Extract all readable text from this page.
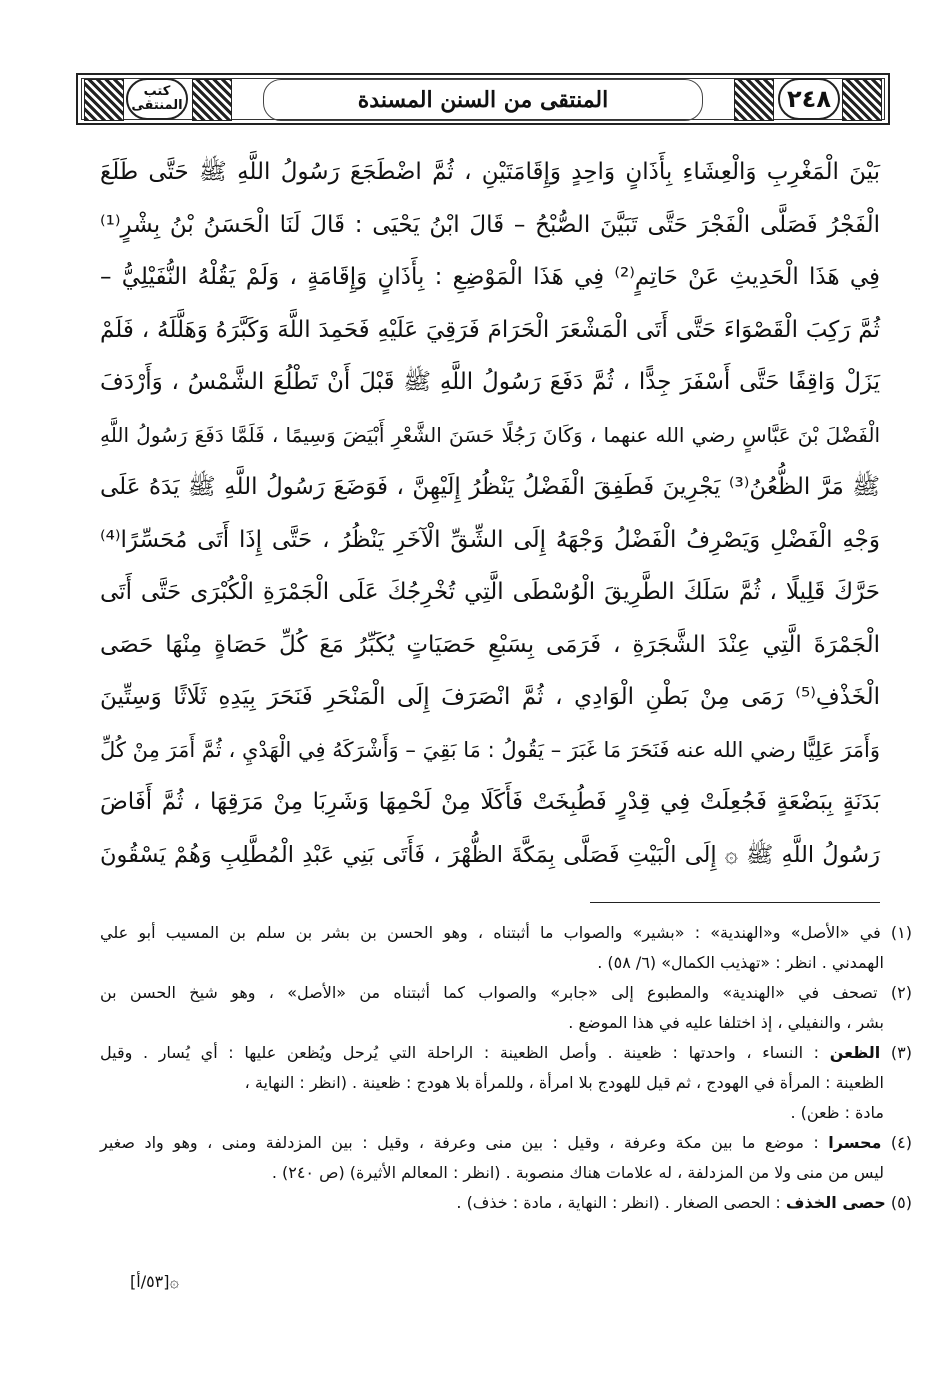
٢٤٨
المنتقى من السنن المسندة
كتب المنتقى
بَيْنَ الْمَغْرِبِ وَالْعِشَاءِ بِأَذَانٍ وَاحِدٍ وَإِقَامَتَيْنِ ، ثُمَّ اضْطَجَعَ رَسُولُ اللَّهِ ﷺ حَتَّى طَلَعَ
الْفَجْرُ فَصَلَّى الْفَجْرَ حَتَّى تَبَيَّنَ الصُّبْحُ – قَالَ ابْنُ يَحْيَى : قَالَ لَنَا الْحَسَنُ بْنُ بِشْرٍ⁽¹⁾
فِي هَذَا الْحَدِيثِ عَنْ حَاتِمٍ⁽²⁾ فِي هَذَا الْمَوْضِعِ : بِأَذَانٍ وَإِقَامَةٍ ، وَلَمْ يَقُلْهُ النُّفَيْلِيُّ –
ثُمَّ رَكِبَ الْقَصْوَاءَ حَتَّى أَتَى الْمَشْعَرَ الْحَرَامَ فَرَقِيَ عَلَيْهِ فَحَمِدَ اللَّهَ وَكَبَّرَهُ وَهَلَّلَهُ ، فَلَمْ
يَزَلْ وَاقِفًا حَتَّى أَسْفَرَ جِدًّا ، ثُمَّ دَفَعَ رَسُولُ اللَّهِ ﷺ قَبْلَ أَنْ تَطْلُعَ الشَّمْسُ ، وَأَرْدَفَ
الْفَضْلَ بْنَ عَبَّاسٍ رضي الله عنهما ، وَكَانَ رَجُلًا حَسَنَ الشَّعْرِ أَبْيَضَ وَسِيمًا ، فَلَمَّا دَفَعَ رَسُولُ اللَّهِ
ﷺ مَرَّ الظُّعُنُ⁽³⁾ يَجْرِينَ فَطَفِقَ الْفَضْلُ يَنْظُرُ إِلَيْهِنَّ ، فَوَضَعَ رَسُولُ اللَّهِ ﷺ يَدَهُ عَلَى
وَجْهِ الْفَضْلِ وَيَصْرِفُ الْفَضْلُ وَجْهَهُ إِلَى الشِّقِّ الْآخَرِ يَنْظُرُ ، حَتَّى إِذَا أَتَى مُحَسِّرًا⁽⁴⁾
حَرَّكَ قَلِيلًا ، ثُمَّ سَلَكَ الطَّرِيقَ الْوُسْطَى الَّتِي تُخْرِجُكَ عَلَى الْجَمْرَةِ الْكُبْرَى حَتَّى أَتَى
الْجَمْرَةَ الَّتِي عِنْدَ الشَّجَرَةِ ، فَرَمَى بِسَبْعِ حَصَيَاتٍ يُكَبِّرُ مَعَ كُلِّ حَصَاةٍ مِنْهَا حَصَى
الْخَذْفِ⁽⁵⁾ رَمَى مِنْ بَطْنِ الْوَادِي ، ثُمَّ انْصَرَفَ إِلَى الْمَنْحَرِ فَنَحَرَ بِيَدِهِ ثَلَاثًا وَسِتِّينَ
وَأَمَرَ عَلِيًّا رضي الله عنه فَنَحَرَ مَا غَبَرَ – يَقُولُ : مَا بَقِيَ – وَأَشْرَكَهُ فِي الْهَدْيِ ، ثُمَّ أَمَرَ مِنْ كُلِّ
بَدَنَةٍ بِبَضْعَةٍ فَجُعِلَتْ فِي قِدْرٍ فَطُبِخَتْ فَأَكَلَا مِنْ لَحْمِهَا وَشَرِبَا مِنْ مَرَقِهَا ، ثُمَّ أَفَاضَ
رَسُولُ اللَّهِ ﷺ ۞ إِلَى الْبَيْتِ فَصَلَّى بِمَكَّةَ الظُّهْرَ ، فَأَتَى بَنِي عَبْدِ الْمُطَّلِبِ وَهُمْ يَسْقُونَ
(١) في «الأصل» و«الهندية» : «بشير» والصواب ما أثبتناه ، وهو الحسن بن بشر بن سلم بن المسيب أبو علي
الهمدني . انظر : «تهذيب الكمال» (٦/ ٥٨) .
(٢) تصحف في «الهندية» والمطبوع إلى «جابر» والصواب كما أثبتناه من «الأصل» ، وهو شيخ الحسن بن
بشر ، والنفيلي ، إذ اختلفا عليه في هذا الموضع .
(٣) الظعن : النساء ، واحدتها : ظعينة . وأصل الظعينة : الراحلة التي يُرحل ويُظعن عليها : أي يُسار . وقيل
الظعينة : المرأة في الهودج ، ثم قيل للهودج بلا امرأة ، وللمرأة بلا هودج : ظعينة . (انظر : النهاية ،
مادة : ظعن) .
(٤) محسرا : موضع ما بين مكة وعرفة ، وقيل : بين منى وعرفة ، وقيل : بين المزدلفة ومنى ، وهو واد صغير
ليس من منى ولا من المزدلفة ، له علامات هناك منصوبة . (انظر : المعالم الأثيرة) (ص ٢٤٠) .
(٥) حصى الخذف : الحصى الصغار . (انظر : النهاية ، مادة : خذف) .
۞[٥٣/أ]
